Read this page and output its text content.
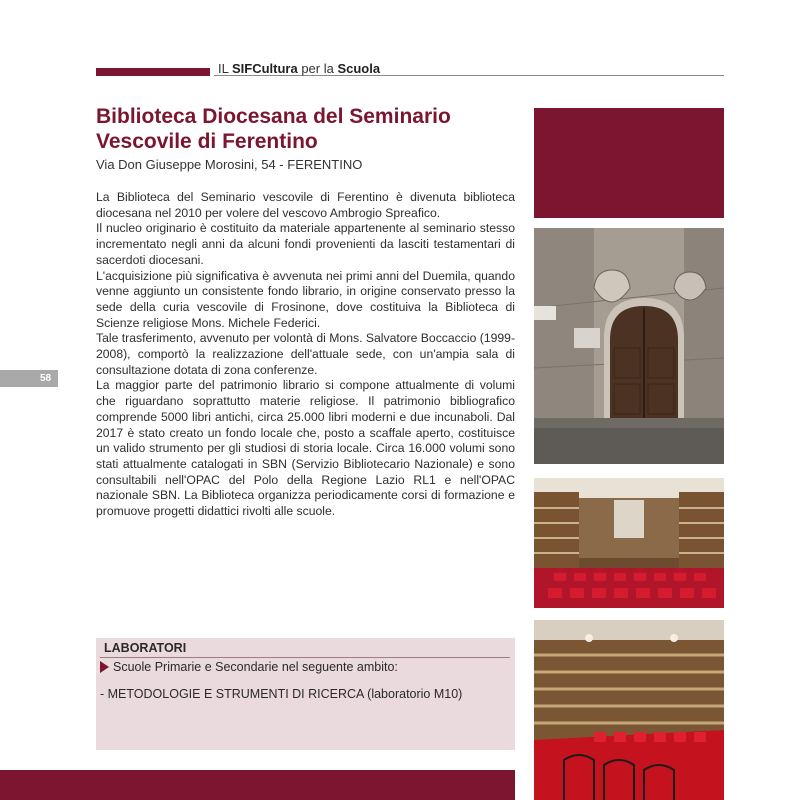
IL SIFCultura per la Scuola
Biblioteca Diocesana del Seminario Vescovile di Ferentino
Via Don Giuseppe Morosini, 54 - FERENTINO

La Biblioteca del Seminario vescovile di Ferentino è divenuta biblioteca diocesana nel 2010 per volere del vescovo Ambrogio Spreafico.

Il nucleo originario è costituito da materiale appartenente al seminario stesso incrementato negli anni da alcuni fondi provenienti da lasciti testamentari di sacerdoti diocesani.

L'acquisizione più significativa è avvenuta nei primi anni del Duemila, quando venne aggiunto un consistente fondo librario, in origine conservato presso la sede della curia vescovile di Frosinone, dove costituiva la Biblioteca di Scienze religiose Mons. Michele Federici.

Tale trasferimento, avvenuto per volontà di Mons. Salvatore Boccaccio (1999-2008), comportò la realizzazione dell'attuale sede, con un'ampia sala di consultazione dotata di zona conferenze.

La maggior parte del patrimonio librario si compone attualmente di volumi che riguardano soprattutto materie religiose. Il patrimonio bibliografico comprende 5000 libri antichi, circa 25.000 libri moderni e due incunaboli. Dal 2017 è stato creato un fondo locale che, posto a scaffale aperto, costituisce un valido strumento per gli studiosi di storia locale. Circa 16.000 volumi sono stati attualmente catalogati in SBN (Servizio Bibliotecario Nazionale) e sono consultabili nell'OPAC del Polo della Regione Lazio RL1 e nell'OPAC nazionale SBN. La Biblioteca organizza periodicamente corsi di formazione e promuove progetti didattici rivolti alle scuole.

58
LABORATORI
Scuole Primarie e Secondarie nel seguente ambito:
- METODOLOGIE E STRUMENTI DI RICERCA (laboratorio M10)
